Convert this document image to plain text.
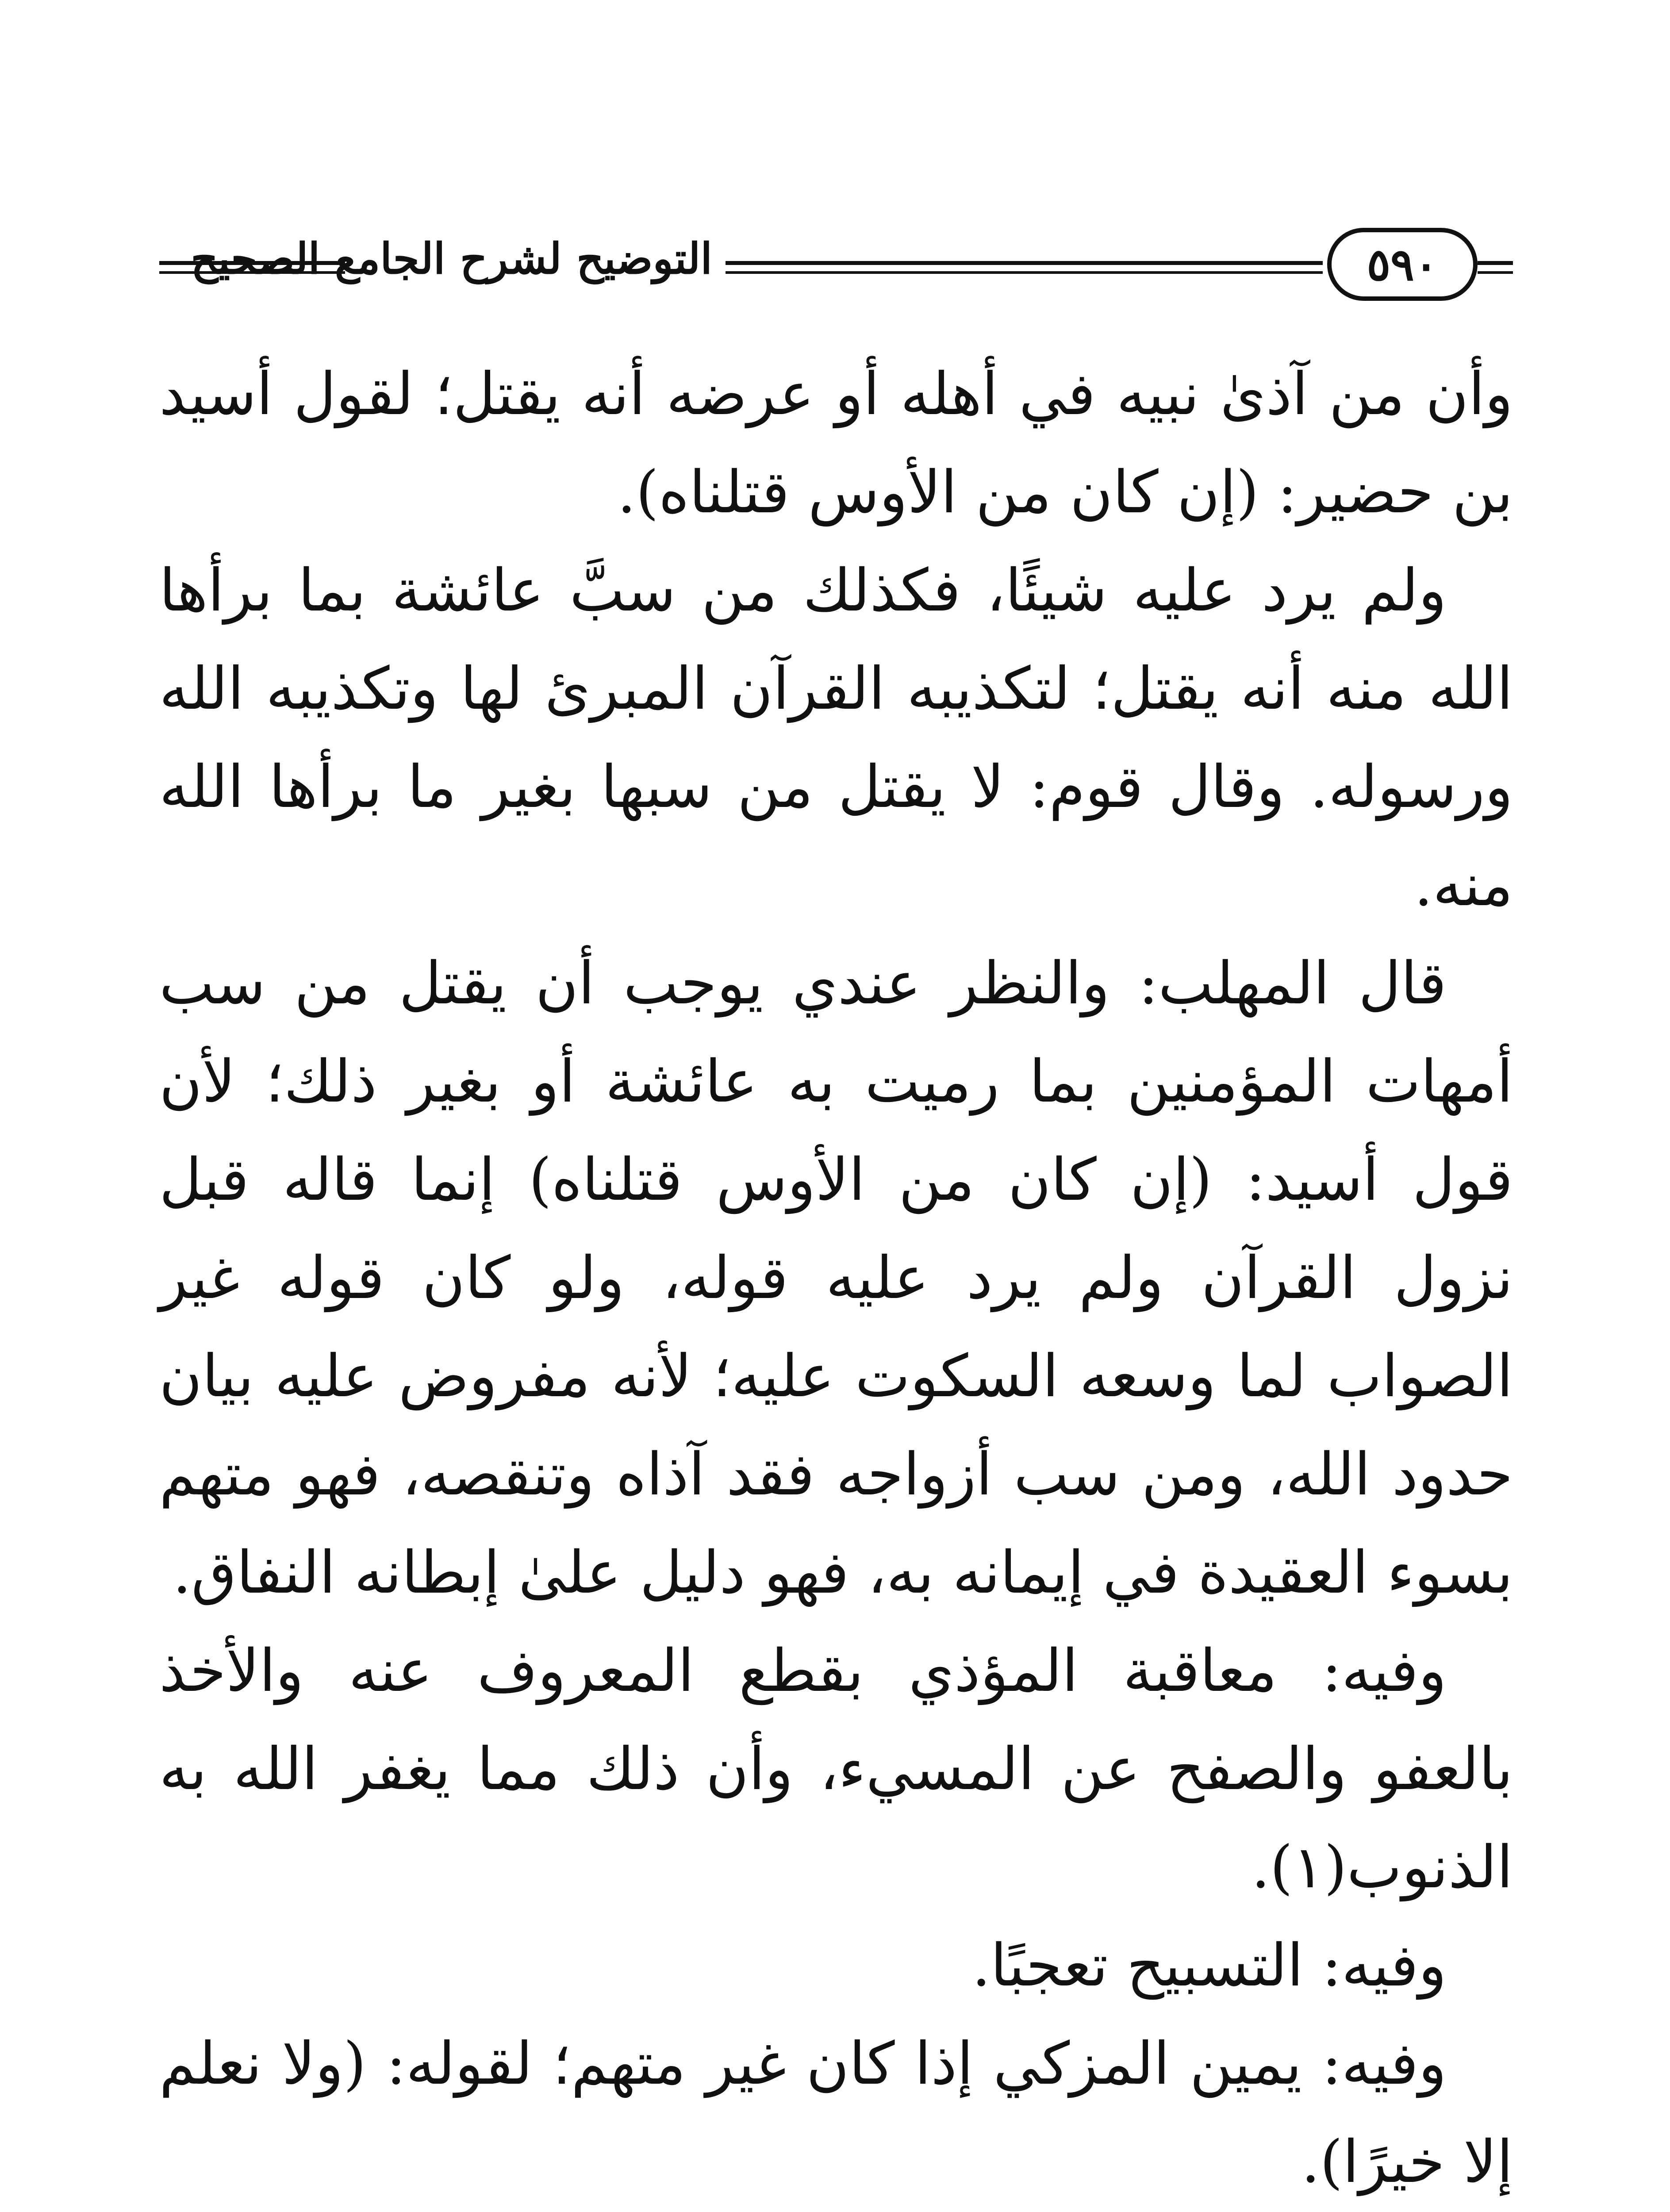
التوضيح لشرح الجامع الصحيح	٥٩٠

وأن من آذىٰ نبيه في أهله أو عرضه أنه يقتل؛ لقول أسيد بن حضير: (إن كان من الأوس قتلناه).

ولم يرد عليه شيئًا، فكذلك من سبَّ عائشة بما برأها الله منه أنه يقتل؛ لتكذيبه القرآن المبرئ لها وتكذيبه الله ورسوله. وقال قوم: لا يقتل من سبها بغير ما برأها الله منه.

قال المهلب: والنظر عندي يوجب أن يقتل من سب أمهات المؤمنين بما رميت به عائشة أو بغير ذلك؛ لأن قول أسيد: (إن كان من الأوس قتلناه) إنما قاله قبل نزول القرآن ولم يرد عليه قوله، ولو كان قوله غير الصواب لما وسعه السكوت عليه؛ لأنه مفروض عليه بيان حدود الله، ومن سب أزواجه فقد آذاه وتنقصه، فهو متهم بسوء العقيدة في إيمانه به، فهو دليل علىٰ إبطانه النفاق.

وفيه: معاقبة المؤذي بقطع المعروف عنه والأخذ بالعفو والصفح عن المسيء، وأن ذلك مما يغفر الله به الذنوب(١).

وفيه: التسبيح تعجبًا.

وفيه: يمين المزكي إذا كان غير متهم؛ لقوله: (ولا نعلم إلا خيرًا).
